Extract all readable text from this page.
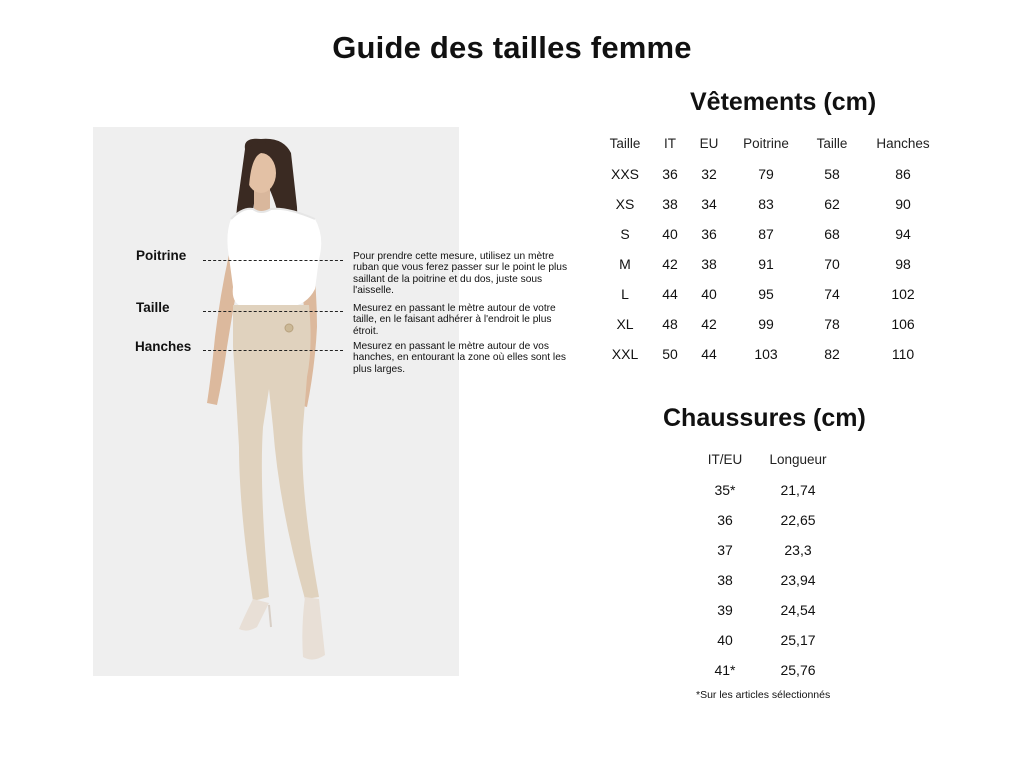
Guide des tailles femme
Poitrine	Pour prendre cette mesure, utilisez un mètre ruban que vous ferez passer sur le point le plus saillant de la poitrine et du dos, juste sous l'aisselle.
Taille	Mesurez en passant le mètre autour de votre taille, en le faisant adhérer à l'endroit le plus étroit.
Hanches	Mesurez en passant le mètre autour de vos hanches, en entourant la zone où elles sont les plus larges.
Vêtements (cm)
Taille IT EU Poitrine Taille Hanches
XXS 36 32	79	58	86
XS 38 34	83	62	90
S 40 36	87	68	94
M 42 38	91	70	98
L 44 40	95	74	102
XL 48 42	99	78	106
XXL 50 44	103	82	110
Chaussures (cm)
IT/EU Longueur
35*	21,74
36	22,65
37	23,3
38	23,94
39	24,54
40	25,17
41*	25,76
*Sur les articles sélectionnés
